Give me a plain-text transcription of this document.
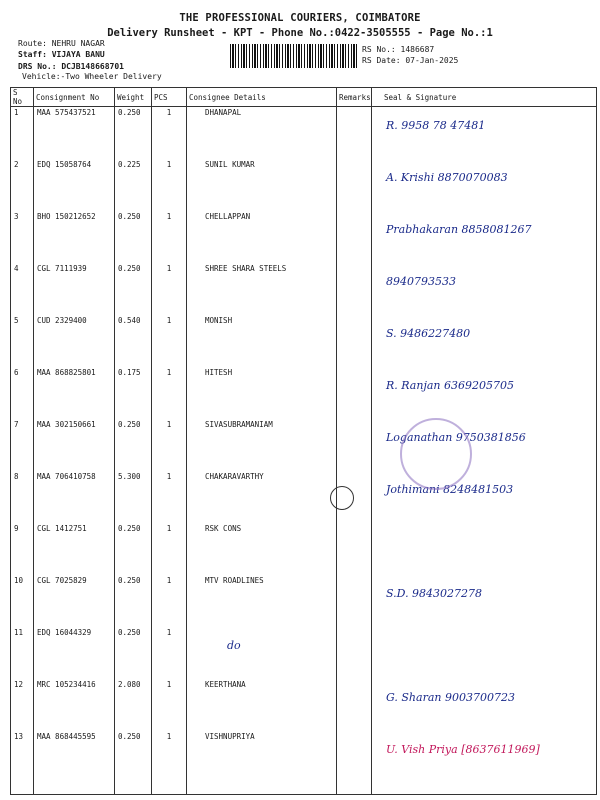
THE PROFESSIONAL COURIERS, COIMBATORE
Delivery Runsheet - KPT - Phone No.:0422-3505555 - Page No.:1
Route: NEHRU NAGAR
Staff: VIJAYA BANU
DRS No.: DCJB148668701
Vehicle:-Two Wheeler Delivery
RS No.: 1486687
RS Date: 07-Jan-2025
S No	Consignment No	Weight	PCS	Consignee Details	Remarks	Seal & Signature
1	MAA 575437521	0.250	1	DHANAPAL		R. 9958 78 47481
2	EDQ 15058764	0.225	1	SUNIL KUMAR		A. Krishi 8870070083
3	BHO 150212652	0.250	1	CHELLAPPAN		Prabhakaran 8858081267
4	CGL 7111939	0.250	1	SHREE SHARA STEELS		8940793533
5	CUD 2329400	0.540	1	MONISH		S. 9486227480
6	MAA 868825801	0.175	1	HITESH		R. Ranjan 6369205705
7	MAA 302150661	0.250	1	SIVASUBRAMANIAM		Loganathan 9750381856
8	MAA 706410758	5.300	1	CHAKARAVARTHY		Jothimani 8248481503
9	CGL 1412751	0.250	1	RSK CONS		
10	CGL 7025829	0.250	1	MTV ROADLINES		S.D. 9843027278
11	EDQ 16044329	0.250	1	do		
12	MRC 105234416	2.080	1	KEERTHANA		G. Sharan 9003700723
13	MAA 868445595	0.250	1	VISHNUPRIYA		U. Vish Priya [8637611969]
